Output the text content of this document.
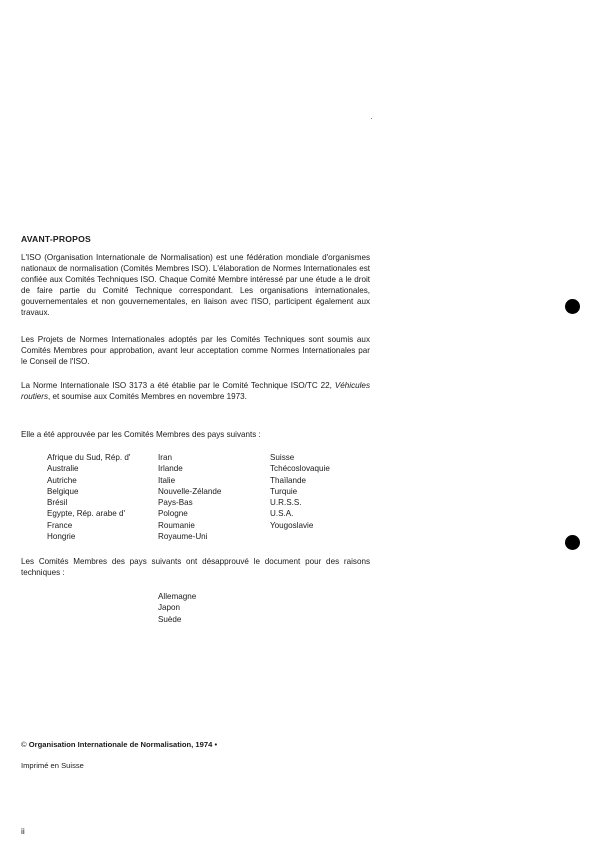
AVANT-PROPOS

L'ISO (Organisation Internationale de Normalisation) est une fédération mondiale d'organismes nationaux de normalisation (Comités Membres ISO). L'élaboration de Normes Internationales est confiée aux Comités Techniques ISO. Chaque Comité Membre intéressé par une étude a le droit de faire partie du Comité Technique correspondant. Les organisations internationales, gouvernementales et non gouvernementales, en liaison avec l'ISO, participent également aux travaux.

Les Projets de Normes Internationales adoptés par les Comités Techniques sont soumis aux Comités Membres pour approbation, avant leur acceptation comme Normes Internationales par le Conseil de l'ISO.

La Norme Internationale ISO 3173 a été établie par le Comité Technique ISO/TC 22, Véhicules routiers, et soumise aux Comités Membres en novembre 1973.

Elle a été approuvée par les Comités Membres des pays suivants :

Afrique du Sud, Rép. d'
Australie
Autriche
Belgique
Brésil
Egypte, Rép. arabe d'
France
Hongrie
Iran
Irlande
Italie
Nouvelle-Zélande
Pays-Bas
Pologne
Roumanie
Royaume-Uni
Suisse
Tchécoslovaquie
Thaïlande
Turquie
U.R.S.S.
U.S.A.
Yougoslavie

Les Comités Membres des pays suivants ont désapprouvé le document pour des raisons techniques :

Allemagne
Japon
Suède
© Organisation Internationale de Normalisation, 1974 •
Imprimé en Suisse
ii
